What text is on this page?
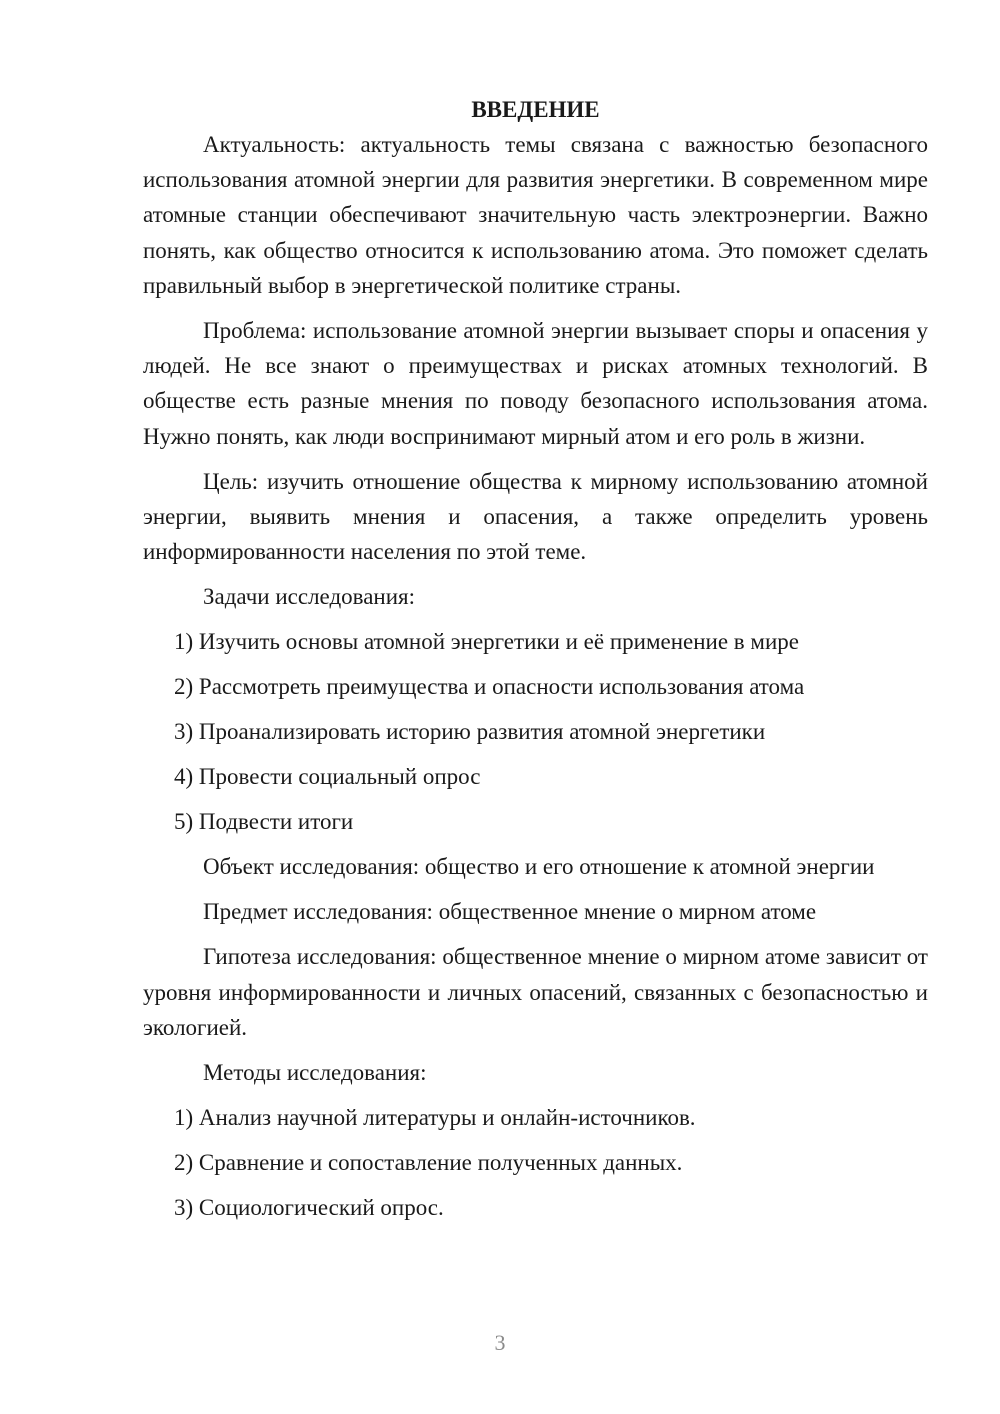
ВВЕДЕНИЕ

Актуальность: актуальность темы связана с важностью безопасного использования атомной энергии для развития энергетики. В современном мире атомные станции обеспечивают значительную часть электроэнергии. Важно понять, как общество относится к использованию атома. Это поможет сделать правильный выбор в энергетической политике страны.

Проблема: использование атомной энергии вызывает споры и опасения у людей. Не все знают о преимуществах и рисках атомных технологий. В обществе есть разные мнения по поводу безопасного использования атома. Нужно понять, как люди воспринимают мирный атом и его роль в жизни.

Цель: изучить отношение общества к мирному использованию атомной энергии, выявить мнения и опасения, а также определить уровень информированности населения по этой теме.

Задачи исследования:
1) Изучить основы атомной энергетики и её применение в мире
2) Рассмотреть преимущества и опасности использования атома
3) Проанализировать историю развития атомной энергетики
4) Провести социальный опрос
5) Подвести итоги
Объект исследования: общество и его отношение к атомной энергии
Предмет исследования: общественное мнение о мирном атоме

Гипотеза исследования: общественное мнение о мирном атоме зависит от уровня информированности и личных опасений, связанных с безопасностью и экологией.

Методы исследования:
1) Анализ научной литературы и онлайн-источников.
2) Сравнение и сопоставление полученных данных.
3) Социологический опрос.
3
